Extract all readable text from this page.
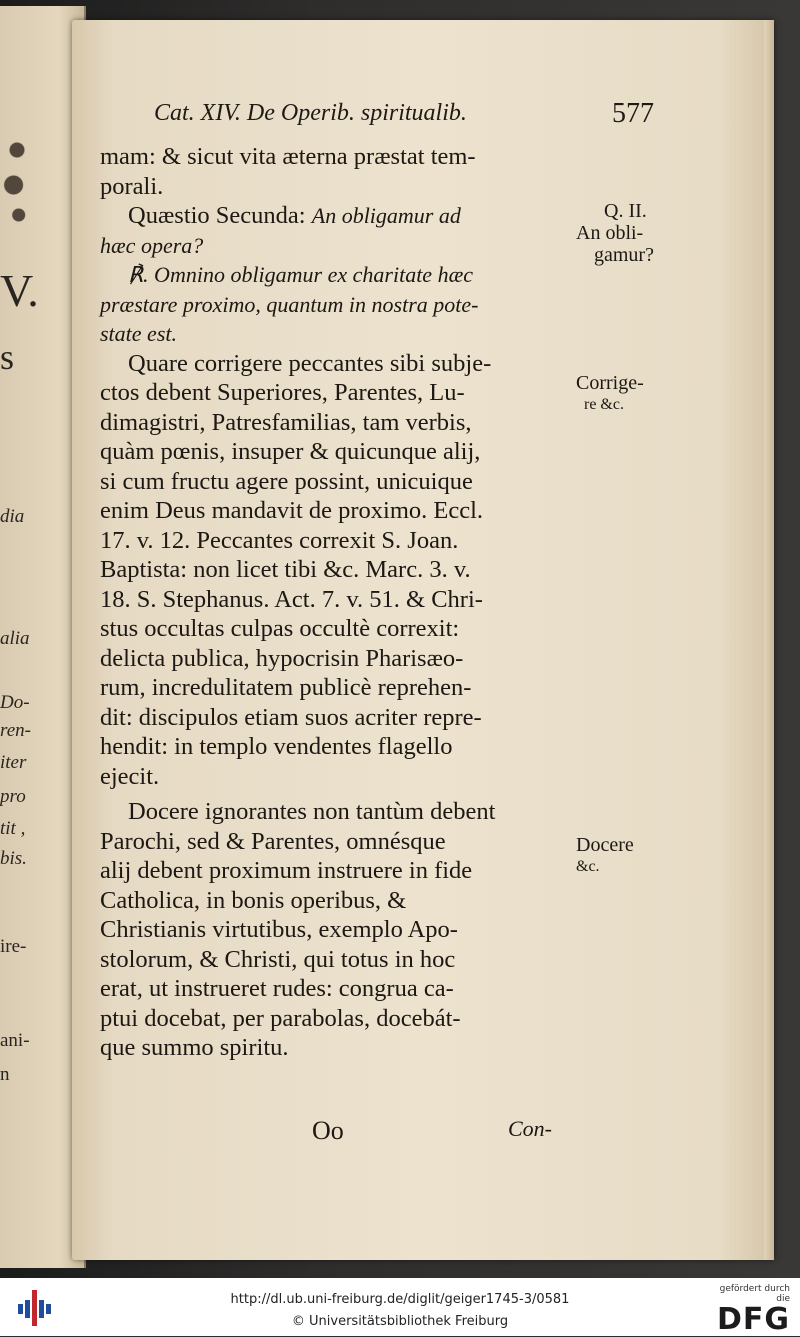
V.
s
dia
alia
Do-
ren-
iter
pro
tit ,
bis.
ire-
ani-
n
Cat. XIV. De Operib. spiritualib.	577
mam: & sicut vita æterna præstat tem-
porali.
Quæstio Secunda: An obligamur ad
hæc opera?
℟. Omnino obligamur ex charitate hæc
præstare proximo, quantum in nostra pote-
state est.
Quare corrigere peccantes sibi subje-
ctos debent Superiores, Parentes, Lu-
dimagistri, Patresfamilias, tam verbis,
quàm pœnis, insuper & quicunque alij,
si cum fructu agere possint, unicuique
enim Deus mandavit de proximo. Eccl.
17. v. 12. Peccantes correxit S. Joan.
Baptista: non licet tibi &c. Marc. 3. v.
18. S. Stephanus. Act. 7. v. 51. & Chri-
stus occultas culpas occultè correxit:
delicta publica, hypocrisin Pharisæo-
rum, incredulitatem publicè reprehen-
dit: discipulos etiam suos acriter repre-
hendit: in templo vendentes flagello
ejecit.
Docere ignorantes non tantùm debent
Parochi, sed & Parentes, omnésque
alij debent proximum instruere in fide
Catholica, in bonis operibus, &
Christianis virtutibus, exemplo Apo-
stolorum, & Christi, qui totus in hoc
erat, ut instrueret rudes: congrua ca-
ptui docebat, per parabolas, docebát-
que summo spiritu.
Q. II.
An obli-
gamur?
Corrige-
re &c.
Docere
&c.
Oo	Con-
http://dl.ub.uni-freiburg.de/diglit/geiger1745-3/0581
© Universitätsbibliothek Freiburg
gefördert durch die
DFG
